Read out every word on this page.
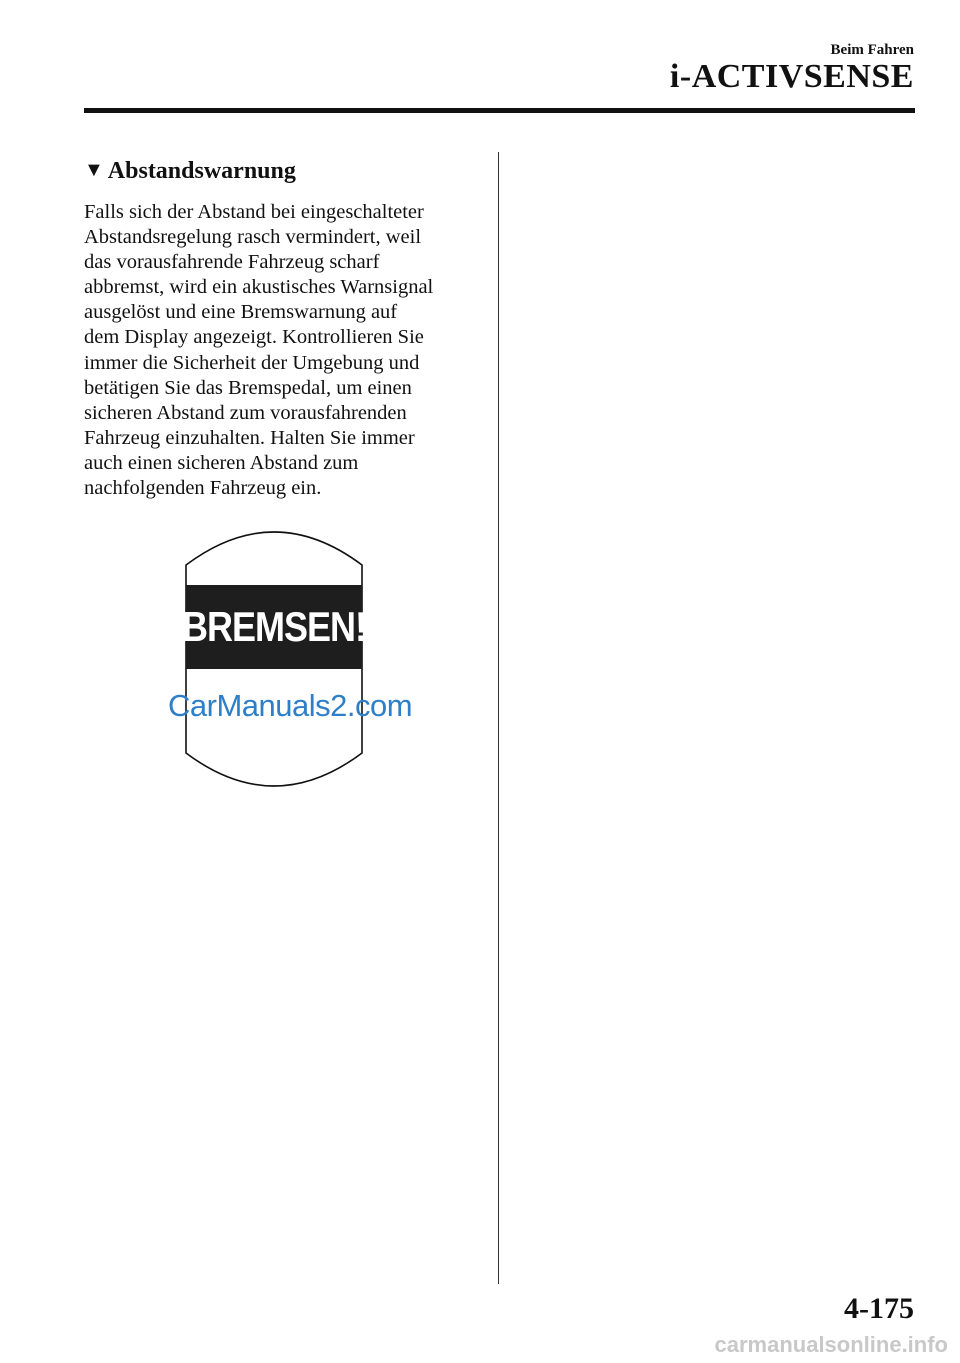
Beim Fahren
i-ACTIVSENSE
▼ Abstandswarnung
Falls sich der Abstand bei eingeschalteter
Abstandsregelung rasch vermindert, weil
das vorausfahrende Fahrzeug scharf
abbremst, wird ein akustisches Warnsignal
ausgelöst und eine Bremswarnung auf
dem Display angezeigt. Kontrollieren Sie
immer die Sicherheit der Umgebung und
betätigen Sie das Bremspedal, um einen
sicheren Abstand zum vorausfahrenden
Fahrzeug einzuhalten. Halten Sie immer
auch einen sicheren Abstand zum
nachfolgenden Fahrzeug ein.
BREMSEN!
CarManuals2.com
4-175
carmanualsonline.info
